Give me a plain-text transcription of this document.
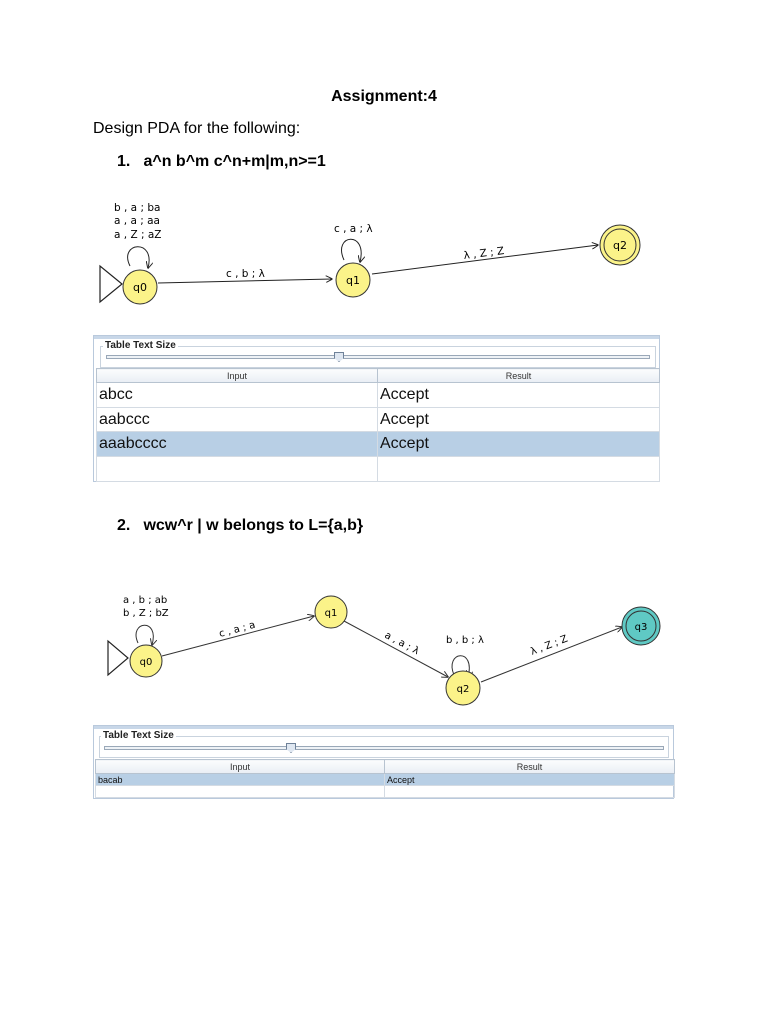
Assignment:4
Design PDA for the following:
1. a^n b^m c^n+m|m,n>=1
q0
q1
q2
b , a ; ba
a , a ; aa
a , Z ; aZ	c , a ; λ
c , b ; λ
λ , Z ; Z
Table Text Size
Input	Result
abcc	Accept
aabccc	Accept
aaabcccc	Accept

2. wcw^r | w belongs to L={a,b}
q0
q1
q2
q3
a , b ; ab
b , Z ; bZ
c , a ; a
a , a ; λ	b , b ; λ	λ , Z ; Z
Table Text Size
Input	Result
bacab	Accept
